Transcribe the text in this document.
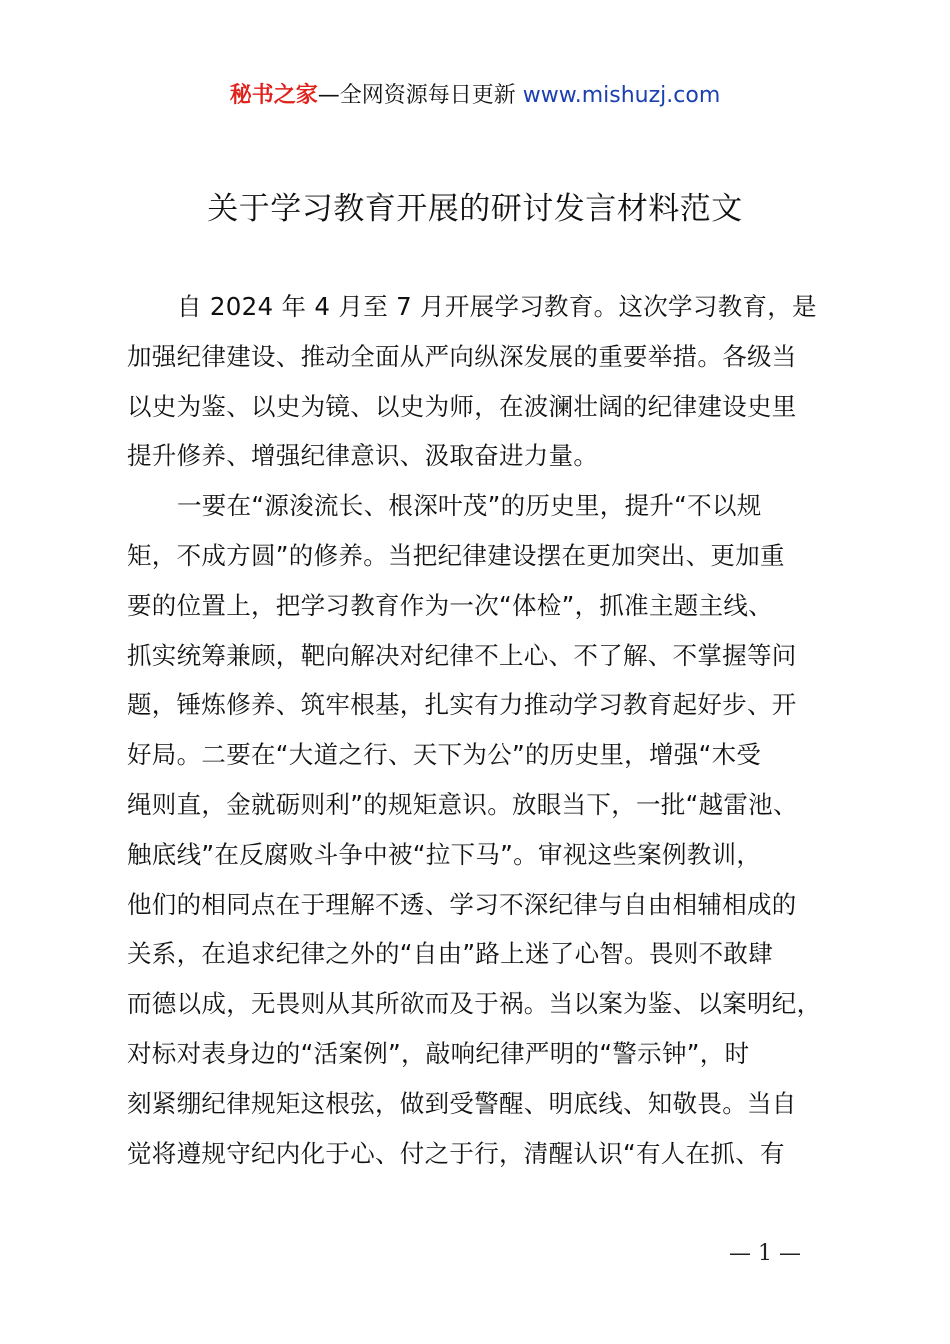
秘书之家—全网资源每日更新 www.mishuzj.com
关于学习教育开展的研讨发言材料范文
自 2024 年 4 月至 7 月开展学习教育。这次学习教育，是
加强纪律建设、推动全面从严向纵深发展的重要举措。各级当
以史为鉴、以史为镜、以史为师，在波澜壮阔的纪律建设史里
提升修养、增强纪律意识、汲取奋进力量。
一要在“源浚流长、根深叶茂”的历史里，提升“不以规
矩，不成方圆”的修养。当把纪律建设摆在更加突出、更加重
要的位置上，把学习教育作为一次“体检”，抓准主题主线、
抓实统筹兼顾，靶向解决对纪律不上心、不了解、不掌握等问
题，锤炼修养、筑牢根基，扎实有力推动学习教育起好步、开
好局。二要在“大道之行、天下为公”的历史里，增强“木受
绳则直，金就砺则利”的规矩意识。放眼当下，一批“越雷池、
触底线”在反腐败斗争中被“拉下马”。审视这些案例教训，
他们的相同点在于理解不透、学习不深纪律与自由相辅相成的
关系，在追求纪律之外的“自由”路上迷了心智。畏则不敢肆
而德以成，无畏则从其所欲而及于祸。当以案为鉴、以案明纪，
对标对表身边的“活案例”，敲响纪律严明的“警示钟”，时
刻紧绷纪律规矩这根弦，做到受警醒、明底线、知敬畏。当自
觉将遵规守纪内化于心、付之于行，清醒认识“有人在抓、有
— 1 —
